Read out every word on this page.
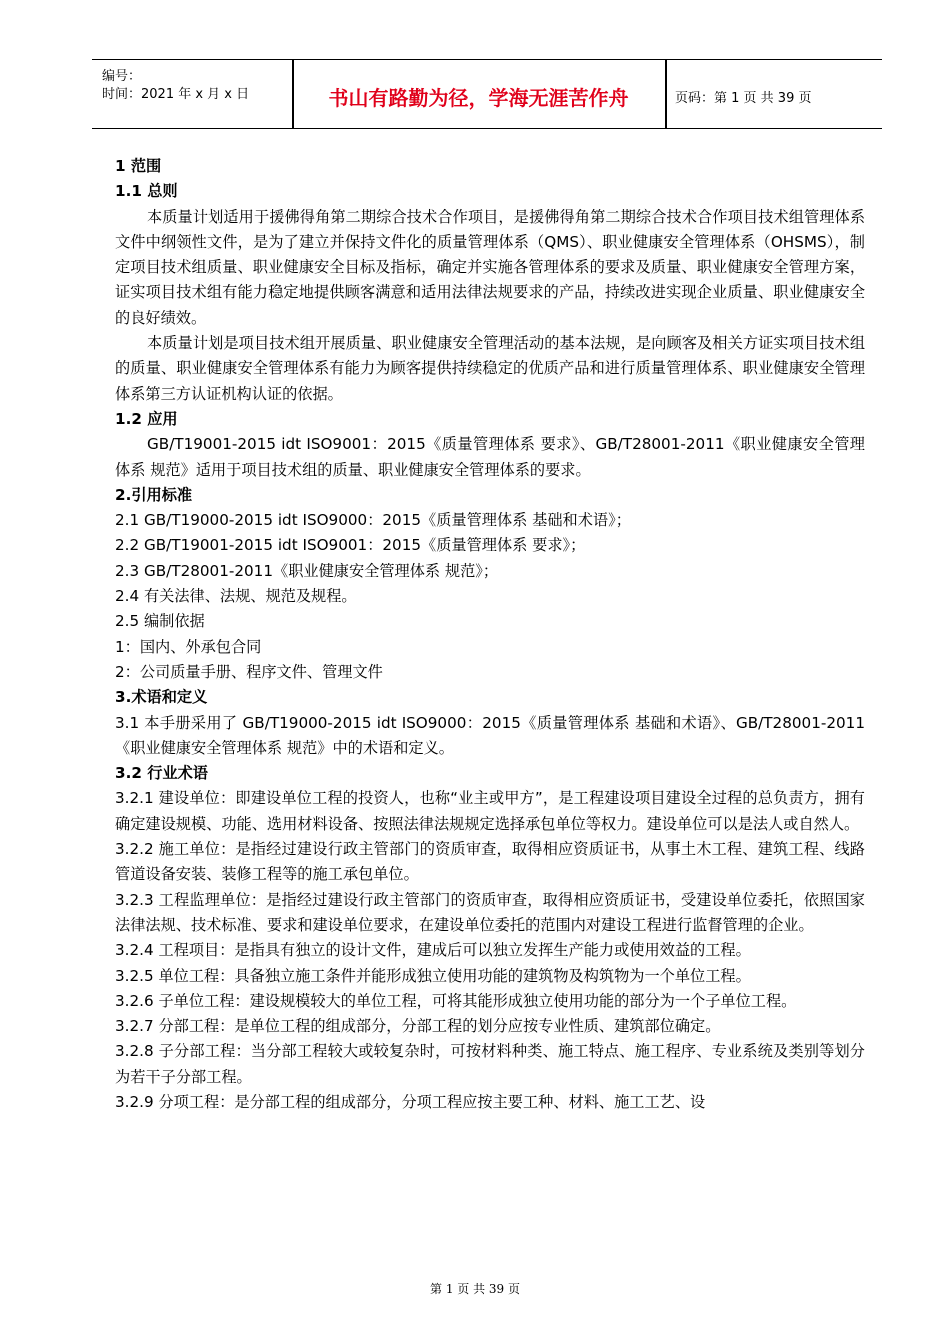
编号：
时间：2021 年 x 月 x 日	书山有路勤为径，学海无涯苦作舟	页码：第 1 页 共 39 页

1 范围

1.1 总则

本质量计划适用于援佛得角第二期综合技术合作项目，是援佛得角第二期综合技术合作项目技术组管理体系文件中纲领性文件，是为了建立并保持文件化的质量管理体系（QMS）、职业健康安全管理体系（OHSMS），制定项目技术组质量、职业健康安全目标及指标，确定并实施各管理体系的要求及质量、职业健康安全管理方案，证实项目技术组有能力稳定地提供顾客满意和适用法律法规要求的产品，持续改进实现企业质量、职业健康安全的良好绩效。

本质量计划是项目技术组开展质量、职业健康安全管理活动的基本法规，是向顾客及相关方证实项目技术组的质量、职业健康安全管理体系有能力为顾客提供持续稳定的优质产品和进行质量管理体系、职业健康安全管理体系第三方认证机构认证的依据。

1.2 应用

GB/T19001-2015 idt ISO9001：2015《质量管理体系 要求》、GB/T28001-2011《职业健康安全管理体系 规范》适用于项目技术组的质量、职业健康安全管理体系的要求。

2.引用标准

2.1 GB/T19000-2015 idt ISO9000：2015《质量管理体系 基础和术语》；

2.2 GB/T19001-2015 idt ISO9001：2015《质量管理体系 要求》；

2.3 GB/T28001-2011《职业健康安全管理体系 规范》；

2.4 有关法律、法规、规范及规程。

2.5 编制依据

1：国内、外承包合同

2：公司质量手册、程序文件、管理文件

3.术语和定义

3.1 本手册采用了 GB/T19000-2015 idt ISO9000：2015《质量管理体系 基础和术语》、GB/T28001-2011《职业健康安全管理体系 规范》中的术语和定义。

3.2 行业术语

3.2.1 建设单位：即建设单位工程的投资人，也称“业主或甲方”，是工程建设项目建设全过程的总负责方，拥有确定建设规模、功能、选用材料设备、按照法律法规规定选择承包单位等权力。建设单位可以是法人或自然人。

3.2.2 施工单位：是指经过建设行政主管部门的资质审查，取得相应资质证书，从事土木工程、建筑工程、线路管道设备安装、装修工程等的施工承包单位。

3.2.3 工程监理单位：是指经过建设行政主管部门的资质审查，取得相应资质证书，受建设单位委托，依照国家法律法规、技术标准、要求和建设单位要求，在建设单位委托的范围内对建设工程进行监督管理的企业。

3.2.4 工程项目：是指具有独立的设计文件，建成后可以独立发挥生产能力或使用效益的工程。

3.2.5 单位工程：具备独立施工条件并能形成独立使用功能的建筑物及构筑物为一个单位工程。

3.2.6 子单位工程：建设规模较大的单位工程，可将其能形成独立使用功能的部分为一个子单位工程。

3.2.7 分部工程：是单位工程的组成部分，分部工程的划分应按专业性质、建筑部位确定。

3.2.8 子分部工程：当分部工程较大或较复杂时，可按材料种类、施工特点、施工程序、专业系统及类别等划分为若干子分部工程。

3.2.9 分项工程：是分部工程的组成部分，分项工程应按主要工种、材料、施工工艺、设

第 1 页 共 39 页
